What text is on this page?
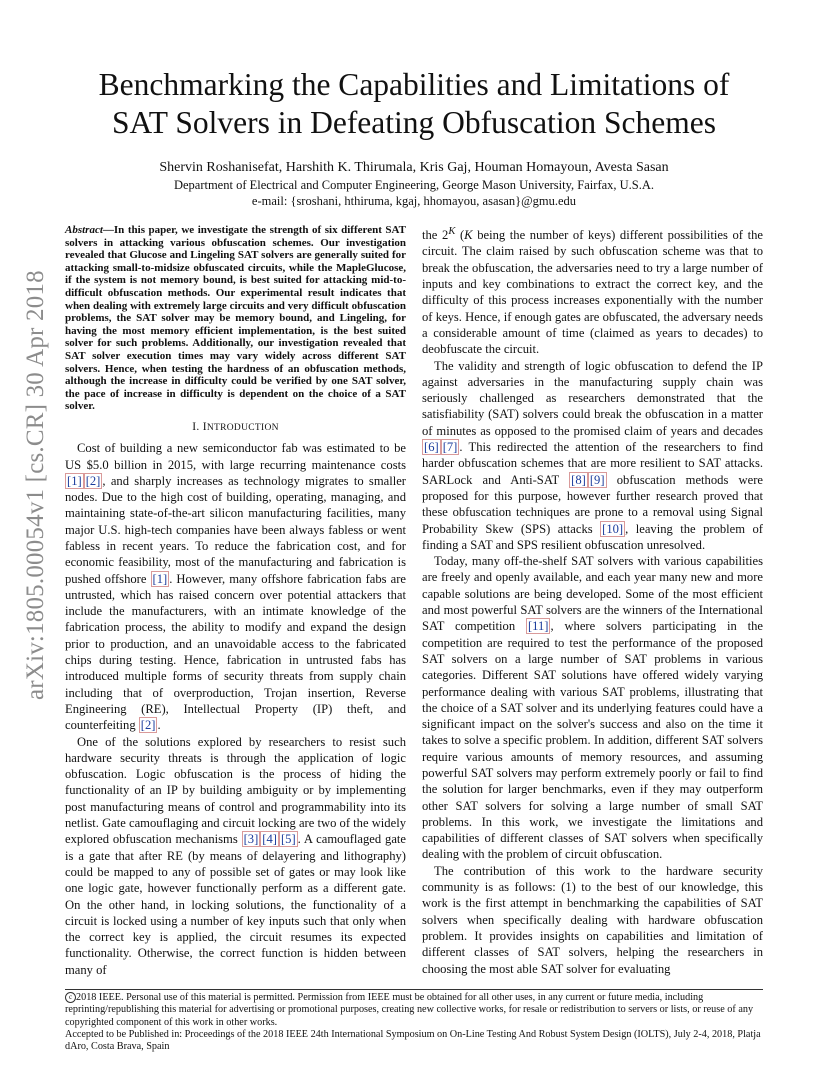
arXiv:1805.00054v1 [cs.CR] 30 Apr 2018
Benchmarking the Capabilities and Limitations of
SAT Solvers in Defeating Obfuscation Schemes
Shervin Roshanisefat, Harshith K. Thirumala, Kris Gaj, Houman Homayoun, Avesta Sasan
Department of Electrical and Computer Engineering, George Mason University, Fairfax, U.S.A.
e-mail: {sroshani, hthiruma, kgaj, hhomayou, asasan}@gmu.edu

Abstract—In this paper, we investigate the strength of six different SAT solvers in attacking various obfuscation schemes. Our investigation revealed that Glucose and Lingeling SAT solvers are generally suited for attacking small-to-midsize obfuscated circuits, while the MapleGlucose, if the system is not memory bound, is best suited for attacking mid-to-difficult obfuscation methods. Our experimental result indicates that when dealing with extremely large circuits and very difficult obfuscation problems, the SAT solver may be memory bound, and Lingeling, for having the most memory efficient implementation, is the best suited solver for such problems. Additionally, our investigation revealed that SAT solver execution times may vary widely across different SAT solvers. Hence, when testing the hardness of an obfuscation methods, although the increase in difficulty could be verified by one SAT solver, the pace of increase in difficulty is dependent on the choice of a SAT solver.

I. INTRODUCTION

Cost of building a new semiconductor fab was estimated to be US $5.0 billion in 2015, with large recurring maintenance costs [1] [2] , and sharply increases as technology migrates to smaller nodes. Due to the high cost of building, operating, managing, and maintaining state-of-the-art silicon manufacturing facilities, many major U.S. high-tech companies have been always fabless or went fabless in recent years. To reduce the fabrication cost, and for economic feasibility, most of the manufacturing and fabrication is pushed offshore [1] . However, many offshore fabrication fabs are untrusted, which has raised concern over potential attackers that include the manufacturers, with an intimate knowledge of the fabrication process, the ability to modify and expand the design prior to production, and an unavoidable access to the fabricated chips during testing. Hence, fabrication in untrusted fabs has introduced multiple forms of security threats from supply chain including that of overproduction, Trojan insertion, Reverse Engineering (RE), Intellectual Property (IP) theft, and counterfeiting [2] .

One of the solutions explored by researchers to resist such hardware security threats is through the application of logic obfuscation. Logic obfuscation is the process of hiding the functionality of an IP by building ambiguity or by implementing post manufacturing means of control and programmability into its netlist. Gate camouflaging and circuit locking are two of the widely explored obfuscation mechanisms [3] [4] [5] . A camouflaged gate is a gate that after RE (by means of delayering and lithography) could be mapped to any of possible set of gates or may look like one logic gate, however functionally perform as a different gate. On the other hand, in locking solutions, the functionality of a circuit is locked using a number of key inputs such that only when the correct key is applied, the circuit resumes its expected functionality. Otherwise, the correct function is hidden between many of

the $2^K$ (K being the number of keys) different possibilities of the circuit. The claim raised by such obfuscation scheme was that to break the obfuscation, the adversaries need to try a large number of inputs and key combinations to extract the correct key, and the difficulty of this process increases exponentially with the number of keys. Hence, if enough gates are obfuscated, the adversary needs a considerable amount of time (claimed as years to decades) to deobfuscate the circuit.

The validity and strength of logic obfuscation to defend the IP against adversaries in the manufacturing supply chain was seriously challenged as researchers demonstrated that the satisfiability (SAT) solvers could break the obfuscation in a matter of minutes as opposed to the promised claim of years and decades [6] [7] . This redirected the attention of the researchers to find harder obfuscation schemes that are more resilient to SAT attacks. SARLock and Anti-SAT [8] [9] obfuscation methods were proposed for this purpose, however further research proved that these obfuscation techniques are prone to a removal using Signal Probability Skew (SPS) attacks [10] , leaving the problem of finding a SAT and SPS resilient obfuscation unresolved.

Today, many off-the-shelf SAT solvers with various capabilities are freely and openly available, and each year many new and more capable solutions are being developed. Some of the most efficient and most powerful SAT solvers are the winners of the International SAT competition [11] , where solvers participating in the competition are required to test the performance of the proposed SAT solvers on a large number of SAT problems in various categories. Different SAT solutions have offered widely varying performance dealing with various SAT problems, illustrating that the choice of a SAT solver and its underlying features could have a significant impact on the solver's success and also on the time it takes to solve a specific problem. In addition, different SAT solvers require various amounts of memory resources, and assuming powerful SAT solvers may perform extremely poorly or fail to find the solution for larger benchmarks, even if they may outperform other SAT solvers for solving a large number of small SAT problems. In this work, we investigate the limitations and capabilities of different classes of SAT solvers when specifically dealing with the problem of circuit obfuscation.

The contribution of this work to the hardware security community is as follows: (1) to the best of our knowledge, this work is the first attempt in benchmarking the capabilities of SAT solvers when specifically dealing with hardware obfuscation problem. It provides insights on capabilities and limitation of different classes of SAT solvers, helping the researchers in choosing the most able SAT solver for evaluating

c 2018 IEEE. Personal use of this material is permitted. Permission from IEEE must be obtained for all other uses, in any current or future media, including reprinting/republishing this material for advertising or promotional purposes, creating new collective works, for resale or redistribution to servers or lists, or reuse of any copyrighted component of this work in other works.

Accepted to be Published in: Proceedings of the 2018 IEEE 24th International Symposium on On-Line Testing And Robust System Design (IOLTS), July 2-4, 2018, Platja dAro, Costa Brava, Spain
